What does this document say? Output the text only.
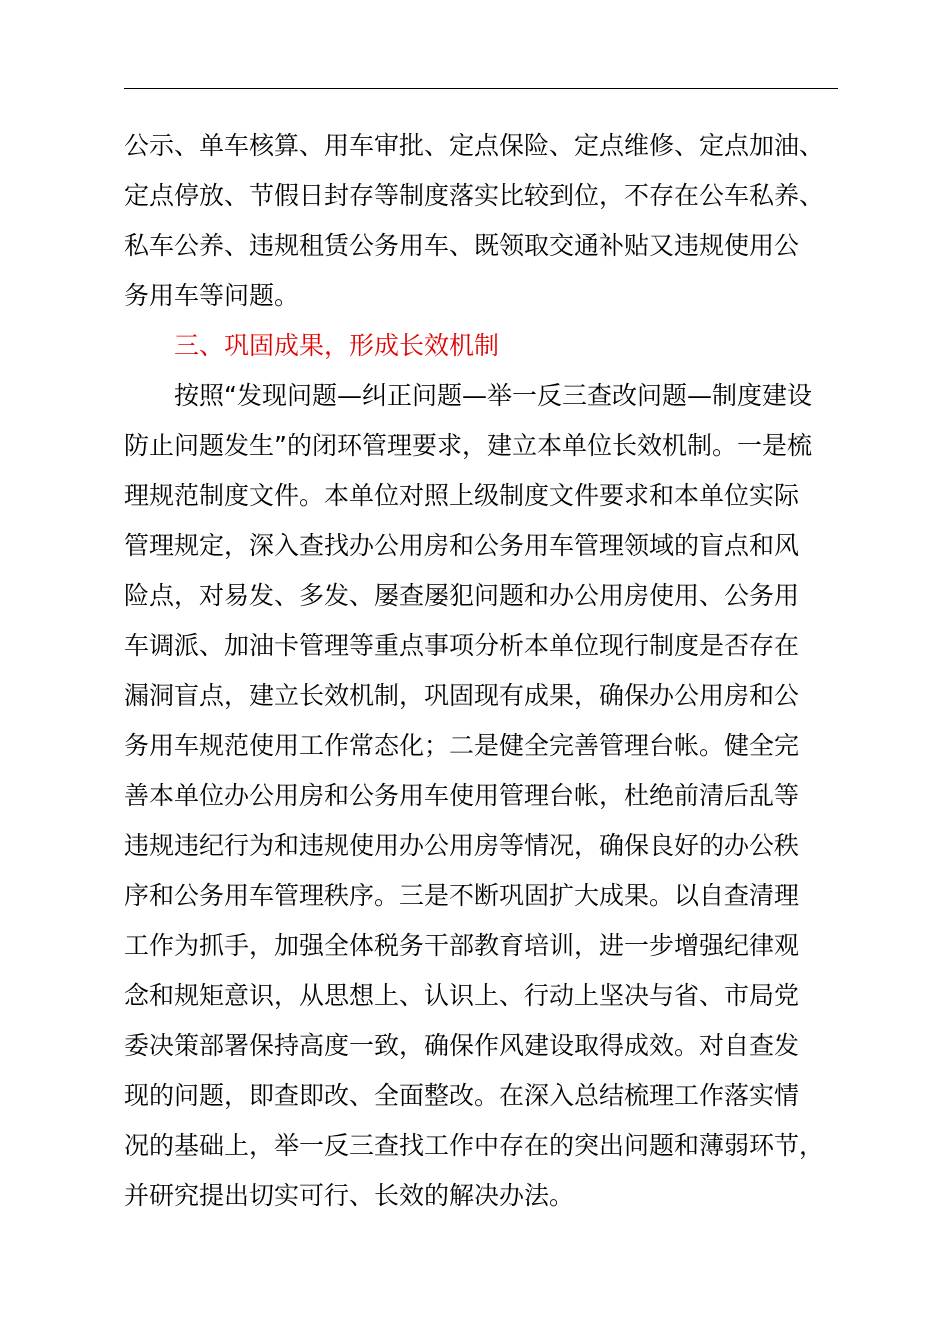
公示、单车核算、用车审批、定点保险、定点维修、定点加油、
定点停放、节假日封存等制度落实比较到位，不存在公车私养、
私车公养、违规租赁公务用车、既领取交通补贴又违规使用公
务用车等问题。
三、巩固成果，形成长效机制
按照“发现问题—纠正问题—举一反三查改问题—制度建设
防止问题发生”的闭环管理要求，建立本单位长效机制。一是梳
理规范制度文件。本单位对照上级制度文件要求和本单位实际
管理规定，深入查找办公用房和公务用车管理领域的盲点和风
险点，对易发、多发、屡查屡犯问题和办公用房使用、公务用
车调派、加油卡管理等重点事项分析本单位现行制度是否存在
漏洞盲点，建立长效机制，巩固现有成果，确保办公用房和公
务用车规范使用工作常态化；二是健全完善管理台帐。健全完
善本单位办公用房和公务用车使用管理台帐，杜绝前清后乱等
违规违纪行为和违规使用办公用房等情况，确保良好的办公秩
序和公务用车管理秩序。三是不断巩固扩大成果。以自查清理
工作为抓手，加强全体税务干部教育培训，进一步增强纪律观
念和规矩意识，从思想上、认识上、行动上坚决与省、市局党
委决策部署保持高度一致，确保作风建设取得成效。对自查发
现的问题，即查即改、全面整改。在深入总结梳理工作落实情
况的基础上，举一反三查找工作中存在的突出问题和薄弱环节，
并研究提出切实可行、长效的解决办法。
